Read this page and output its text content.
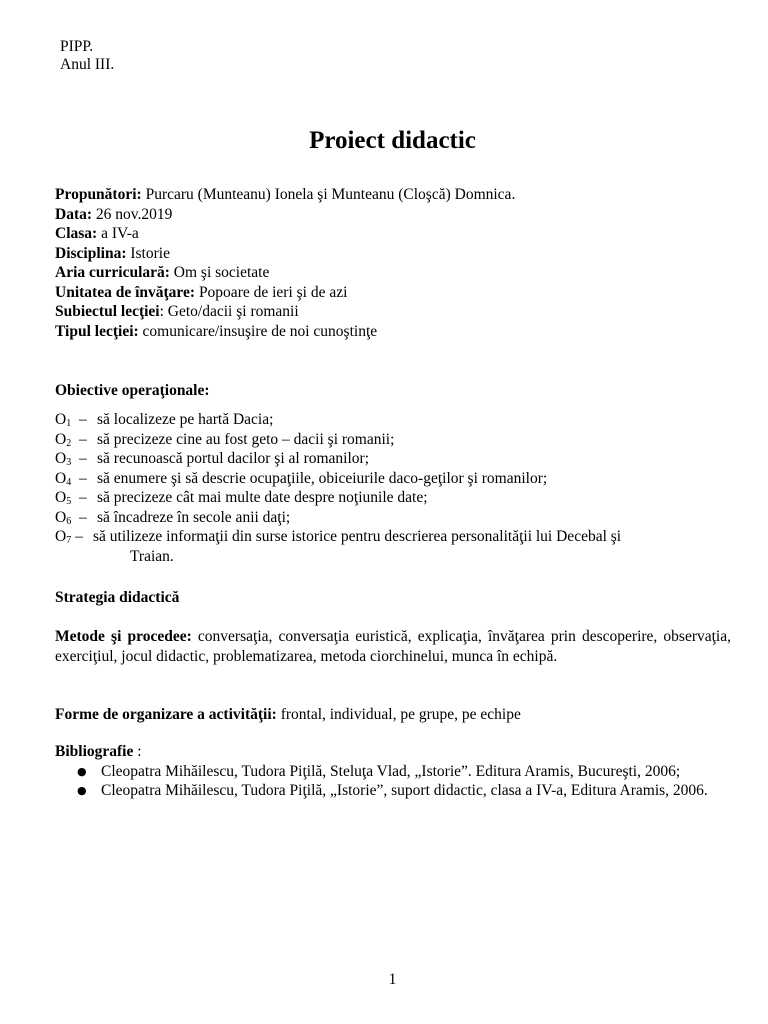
PIPP.
Anul III.
Proiect didactic
Propunători: Purcaru (Munteanu) Ionela şi Munteanu (Cloşcă) Domnica.
Data: 26 nov.2019
Clasa: a IV-a
Disciplina: Istorie
Aria curriculară: Om şi societate
Unitatea de învăţare: Popoare de ieri şi de azi
Subiectul lecţiei: Geto/dacii şi romanii
Tipul lecţiei: comunicare/insuşire de noi cunoştinţe
Obiective operaţionale:
$O_1$  – să localizeze pe hartă Dacia;
$O_2$  – să precizeze cine au fost geto – dacii şi romanii;
$O_3$  – să recunoască portul dacilor şi al romanilor;
$O_4$  – să enumere şi să descrie ocupaţiile, obiceiurile daco-geţilor şi romanilor;
$O_5$  – să precizeze cât mai multe date despre noţiunile date;
$O_6$  – să încadreze în secole anii daţi;
$O_7$ – să utilizeze informaţii din surse istorice pentru descrierea personalităţii lui Decebal şi
Traian.
Strategia didactică
Metode şi procedee: conversaţia, conversaţia euristică, explicaţia, învăţarea prin descoperire, observaţia, exerciţiul, jocul didactic, problematizarea, metoda ciorchinelui, munca în echipă.
Forme de organizare a activităţii: frontal, individual, pe grupe, pe echipe
Bibliografie :
● Cleopatra Mihăilescu, Tudora Piţilă, Steluţa Vlad, „Istorie”. Editura Aramis, Bucureşti, 2006;
● Cleopatra Mihăilescu, Tudora Piţilă, „Istorie”, suport didactic, clasa a IV-a, Editura Aramis, 2006.
1
